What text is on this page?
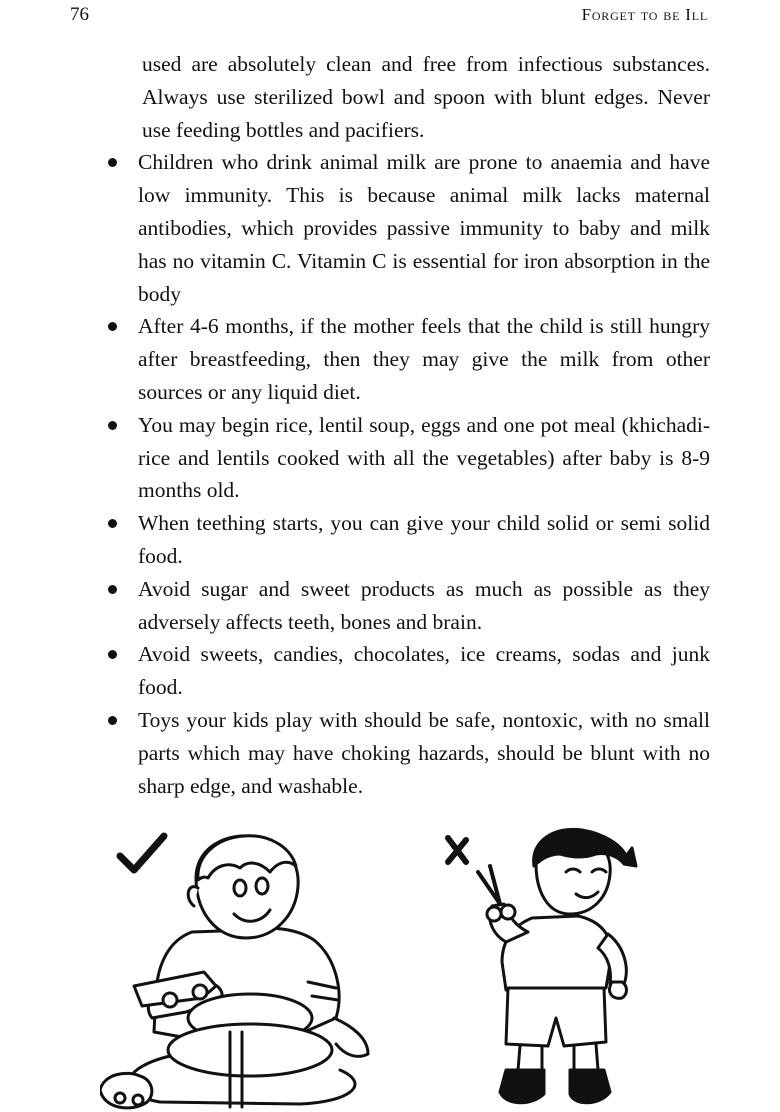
76	Forget to be Ill

used are absolutely clean and free from infectious substances. Always use sterilized bowl and spoon with blunt edges. Never use feeding bottles and pacifiers.

Children who drink animal milk are prone to anaemia and have low immunity. This is because animal milk lacks maternal antibodies, which provides passive immunity to baby and milk has no vitamin C. Vitamin C is essential for iron absorption in the body
After 4-6 months, if the mother feels that the child is still hungry after breastfeeding, then they may give the milk from other sources or any liquid diet.
You may begin rice, lentil soup, eggs and one pot meal (khichadi- rice and lentils cooked with all the vegetables) after baby is 8-9 months old.
When teething starts, you can give your child solid or semi solid food.
Avoid sugar and sweet products as much as possible as they adversely affects teeth, bones and brain.
Avoid sweets, candies, chocolates, ice creams, sodas and junk food.
Toys your kids play with should be safe, nontoxic, with no small parts which may have choking hazards, should be blunt with no sharp edge, and washable.
